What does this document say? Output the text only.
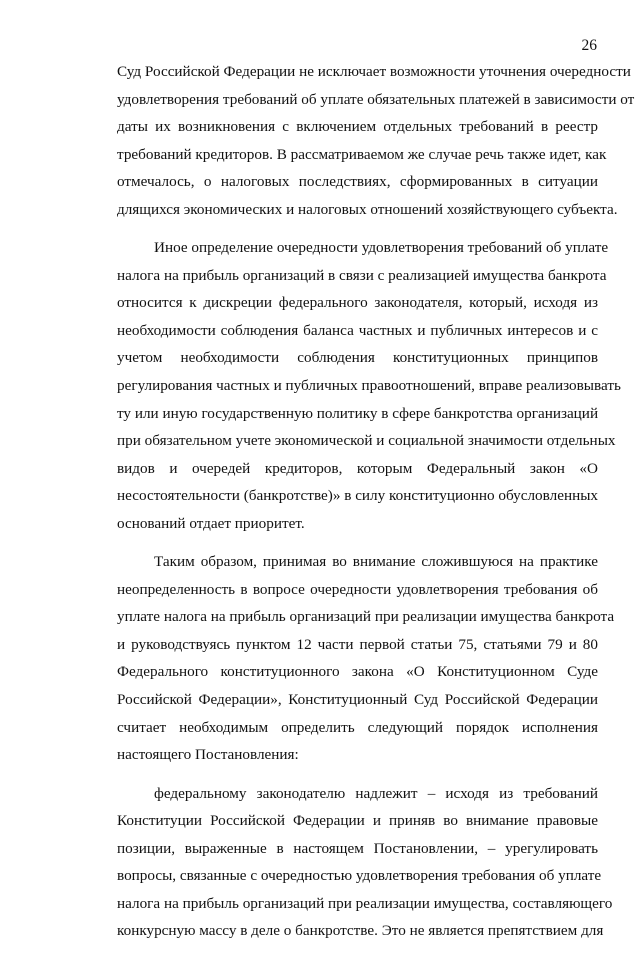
26

Суд Российской Федерации не исключает возможности уточнения очередности
удовлетворения требований об уплате обязательных платежей в зависимости от
даты их возникновения с включением отдельных требований в реестр
требований кредиторов. В рассматриваемом же случае речь также идет, как
отмечалось, о налоговых последствиях, сформированных в ситуации
длящихся экономических и налоговых отношений хозяйствующего субъекта.

Иное определение очередности удовлетворения требований об уплате
налога на прибыль организаций в связи с реализацией имущества банкрота
относится к дискреции федерального законодателя, который, исходя из
необходимости соблюдения баланса частных и публичных интересов и с
учетом необходимости соблюдения конституционных принципов
регулирования частных и публичных правоотношений, вправе реализовывать
ту или иную государственную политику в сфере банкротства организаций
при обязательном учете экономической и социальной значимости отдельных
видов и очередей кредиторов, которым Федеральный закон «О
несостоятельности (банкротстве)» в силу конституционно обусловленных
оснований отдает приоритет.

Таким образом, принимая во внимание сложившуюся на практике
неопределенность в вопросе очередности удовлетворения требования об
уплате налога на прибыль организаций при реализации имущества банкрота
и руководствуясь пунктом 12 части первой статьи 75, статьями 79 и 80
Федерального конституционного закона «О Конституционном Суде
Российской Федерации», Конституционный Суд Российской Федерации
считает необходимым определить следующий порядок исполнения
настоящего Постановления:

федеральному законодателю надлежит – исходя из требований
Конституции Российской Федерации и приняв во внимание правовые
позиции, выраженные в настоящем Постановлении, – урегулировать
вопросы, связанные с очередностью удовлетворения требования об уплате
налога на прибыль организаций при реализации имущества, составляющего
конкурсную массу в деле о банкротстве. Это не является препятствием для
